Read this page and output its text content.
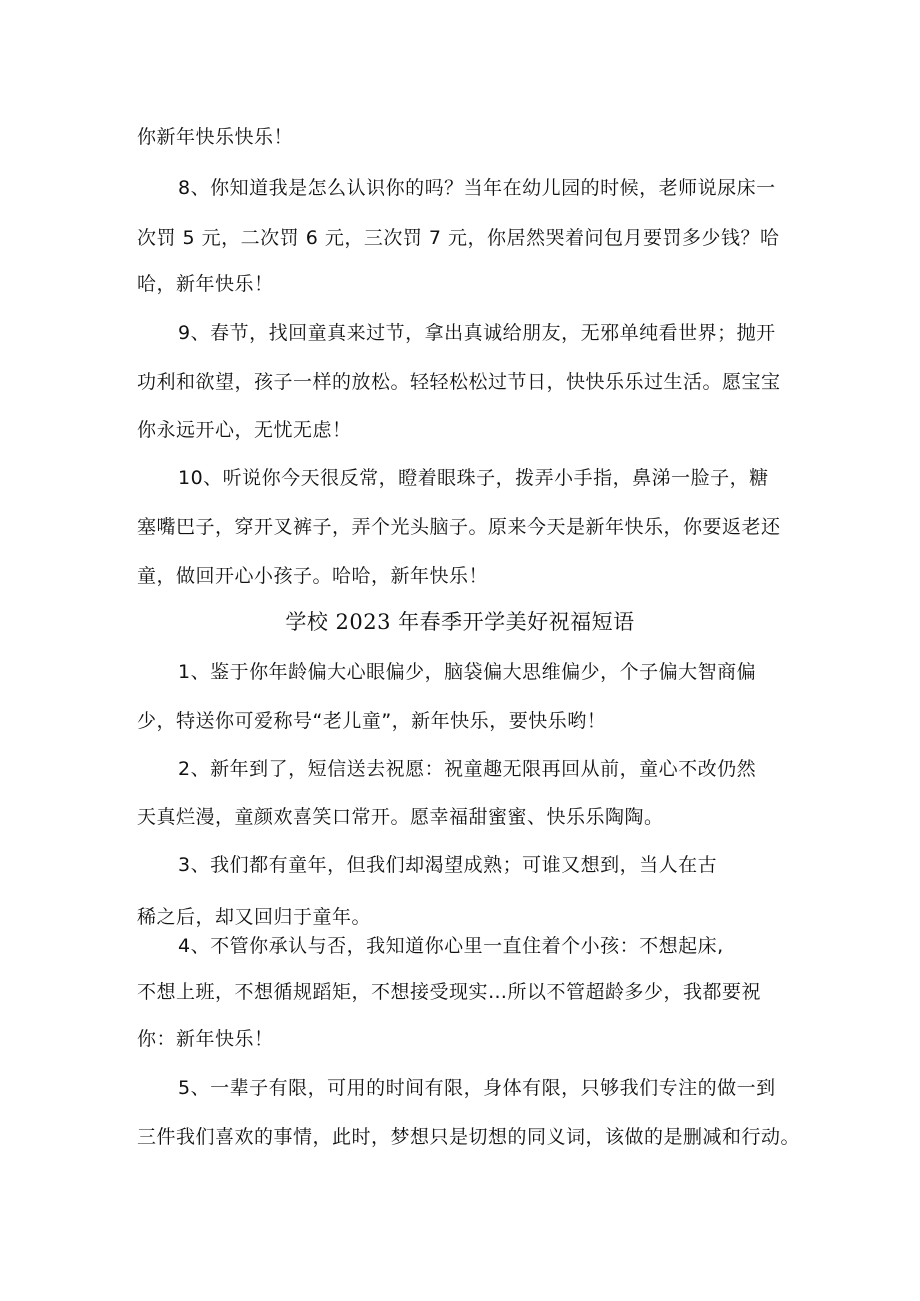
你新年快乐快乐！
8、你知道我是怎么认识你的吗？当年在幼儿园的时候，老师说尿床一
次罚 5 元，二次罚 6 元，三次罚 7 元，你居然哭着问包月要罚多少钱？哈
哈，新年快乐！
9、春节，找回童真来过节，拿出真诚给朋友，无邪单纯看世界；抛开
功利和欲望，孩子一样的放松。轻轻松松过节日，快快乐乐过生活。愿宝宝
你永远开心，无忧无虑！
10、听说你今天很反常，瞪着眼珠子，拨弄小手指，鼻涕一脸子，糖
塞嘴巴子，穿开叉裤子，弄个光头脑子。原来今天是新年快乐，你要返老还
童，做回开心小孩子。哈哈，新年快乐！
学校 2023 年春季开学美好祝福短语
1、鉴于你年龄偏大心眼偏少，脑袋偏大思维偏少，个子偏大智商偏
少，特送你可爱称号“老儿童”，新年快乐，要快乐哟！
2、新年到了，短信送去祝愿：祝童趣无限再回从前，童心不改仍然
天真烂漫，童颜欢喜笑口常开。愿幸福甜蜜蜜、快乐乐陶陶。
3、我们都有童年，但我们却渴望成熟；可谁又想到，当人在古
稀之后，却又回归于童年。
4、不管你承认与否，我知道你心里一直住着个小孩：不想起床,
不想上班，不想循规蹈矩，不想接受现实…所以不管超龄多少，我都要祝
你：新年快乐！
5、一辈子有限，可用的时间有限，身体有限，只够我们专注的做一到
三件我们喜欢的事情，此时，梦想只是切想的同义词，该做的是删减和行动。
